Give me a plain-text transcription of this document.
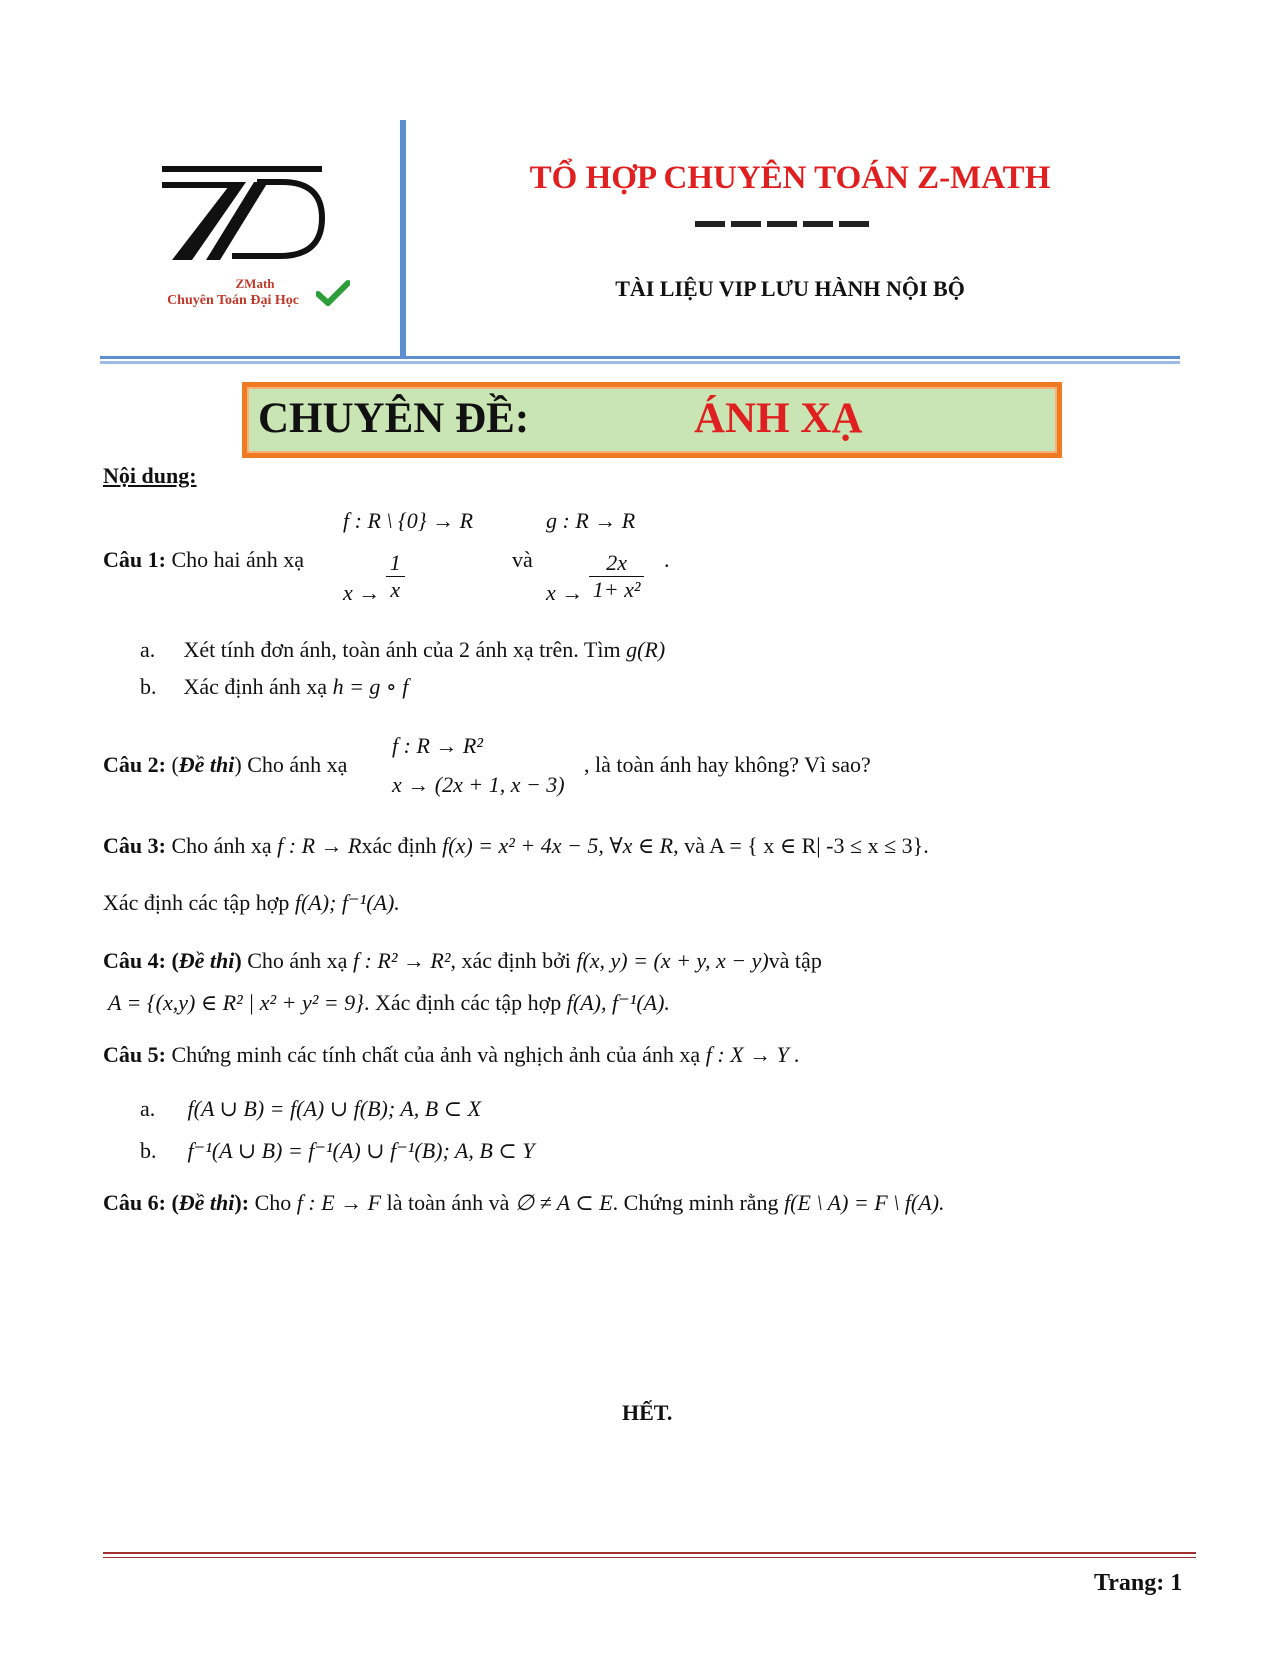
ZMath
Chuyên Toán Đại Học
TỔ HỢP CHUYÊN TOÁN Z-MATH
TÀI LIỆU VIP LƯU HÀNH NỘI BỘ
CHUYÊN ĐỀ:	ÁNH XẠ
Nội dung:
f : R \ {0} → R	g : R → R
Câu 1: Cho hai ánh xạ
$x \to \frac{1}{x}$	và
$x \to \frac{2x}{\text{1+ x²}}$ .
a. Xét tính đơn ánh, toàn ánh của 2 ánh xạ trên. Tìm g(R)
b. Xác định ánh xạ h = g ∘ f
f : R → R²
Câu 2: (Đề thi) Cho ánh xạ
x → (2x + 1, x − 3)
, là toàn ánh hay không? Vì sao?
Câu 3: Cho ánh xạ f : R → Rxác định f(x) = x² + 4x − 5, ∀x ∈ R, và A = { x ∈ R| -3 ≤ x ≤ 3}.
Xác định các tập hợp f(A); f⁻¹(A).
Câu 4: (Đề thi) Cho ánh xạ f : R² → R², xác định bởi f(x, y) = (x + y, x − y)và tập
A = {(x,y) ∈ R² | x² + y² = 9}. Xác định các tập hợp f(A), f⁻¹(A).
Câu 5: Chứng minh các tính chất của ảnh và nghịch ảnh của ánh xạ f : X → Y .
a. f(A ∪ B) = f(A) ∪ f(B); A, B ⊂ X
b. f⁻¹(A ∪ B) = f⁻¹(A) ∪ f⁻¹(B); A, B ⊂ Y
Câu 6: (Đề thi): Cho f : E → F là toàn ánh và ∅ ≠ A ⊂ E. Chứng minh rằng f(E \ A) = F \ f(A).
HẾT.
Trang: 1
